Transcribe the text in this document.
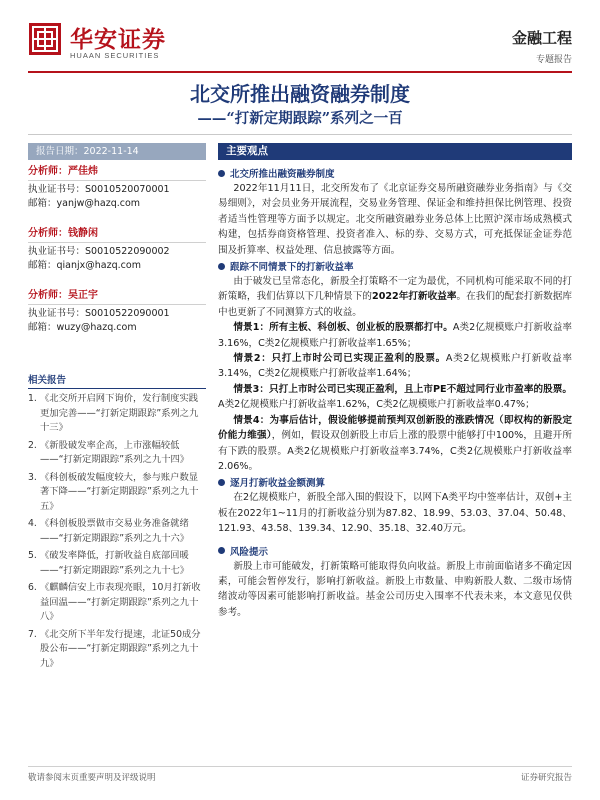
华安证券
HUAAN SECURITIES
金融工程
专题报告
北交所推出融资融券制度
——“打新定期跟踪”系列之一百
报告日期：2022-11-14
分析师：严佳炜
执业证书号：S0010520070001
邮箱：yanjw@hazq.com
分析师：钱静闲
执业证书号：S0010522090002
邮箱：qianjx@hazq.com
分析师：吴正宇
执业证书号：S0010522090001
邮箱：wuzy@hazq.com
相关报告
1. 《北交所开启网下询价，发行制度实践更加完善——“打新定期跟踪”系列之九十三》
2. 《新股破发率企高，上市涨幅较低——“打新定期跟踪”系列之九十四》
3. 《科创板破发幅度较大，参与账户数显著下降——“打新定期跟踪”系列之九十五》
4. 《科创板股票做市交易业务准备就绪——“打新定期跟踪”系列之九十六》
5. 《破发率降低，打新收益自底部回暖——“打新定期跟踪”系列之九十七》
6. 《麒麟信安上市表现亮眼，10月打新收益回温——“打新定期跟踪”系列之九十八》
7. 《北交所下半年发行提速，北证50成分股公布——“打新定期跟踪”系列之九十九》
主要观点
北交所推出融资融券制度

2022年11月11日，北交所发布了《北京证券交易所融资融券业务指南》与《交易细则》，对会员业务开展流程，交易业务管理、保证金和维持担保比例管理、投资者适当性管理等方面予以规定。北交所融资融券业务总体上比照沪深市场成熟模式构建，包括券商资格管理、投资者准入、标的券、交易方式，可充抵保证金证券范围及折算率、权益处理、信息披露等方面。

跟踪不同情景下的打新收益率

由于破发已呈常态化，新股全打策略不一定为最优，不同机构可能采取不同的打新策略，我们估算以下几种情景下的2022年打新收益率。在我们的配套打新数据库中也更新了不同测算方式的收益。

情景1：所有主板、科创板、创业板的股票都打中。A类2亿规模账户打新收益率3.16%，C类2亿规模账户打新收益率1.65%；

情景2：只打上市时公司已实现正盈利的股票。A类2亿规模账户打新收益率3.14%，C类2亿规模账户打新收益率1.64%；

情景3：只打上市时公司已实现正盈利，且上市PE不超过同行业市盈率的股票。A类2亿规模账户打新收益率1.62%，C类2亿规模账户打新收益率0.47%；

情景4：为事后估计，假设能够提前预判双创新股的涨跌情况（即权构的新股定价能力维强），例如，假设双创新股上市后上涨的股票中能够打中100%，且避开所有下跌的股票。A类2亿规模账户打新收益率3.74%，C类2亿规模账户打新收益率2.06%。

逐月打新收益金额测算

在2亿规模账户，新股全部入围的假设下，以网下A类平均中签率估计，双创+主板在2022年1~11月的打新收益分别为87.82、18.99、53.03、37.04、50.48、121.93、43.58、139.34、12.90、35.18、32.40万元。

风险提示

新股上市可能破发，打新策略可能取得负向收益。新股上市前面临诸多不确定因素，可能会暂停发行，影响打新收益。新股上市数量、申购新股人数、二级市场情绪波动等因素可能影响打新收益。基金公司历史入围率不代表未来，本文意见仅供参考。

敬请参阅末页重要声明及评级说明	证券研究报告
